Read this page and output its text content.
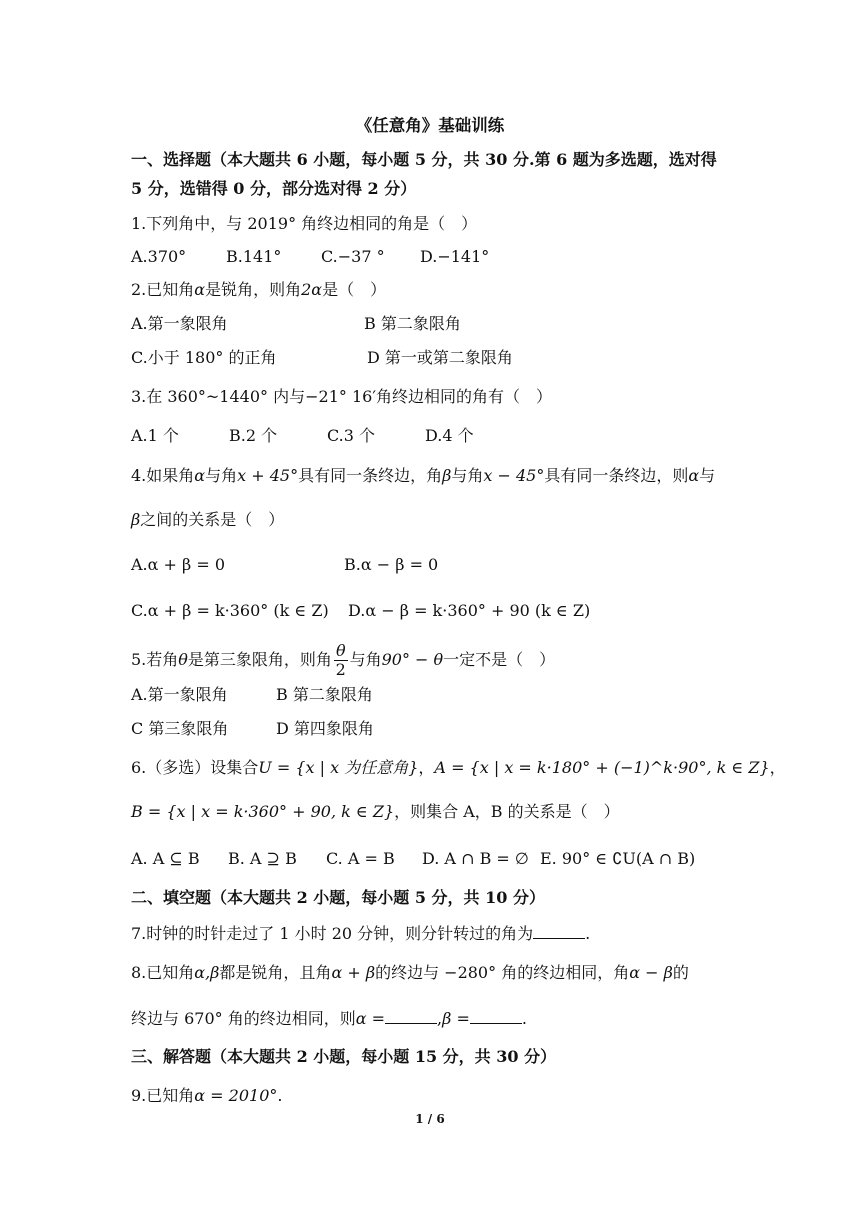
《任意角》基础训练
一、选择题（本大题共 6 小题，每小题 5 分，共 30 分.第 6 题为多选题，选对得
5 分，选错得 0 分，部分选对得 2 分）
1.下列角中，与 2019° 角终边相同的角是（　）
A.370° B.141° C.−37 ° D.−141°
2.已知角α是锐角，则角2α是（　）
A.第一象限角	B 第二象限角
C.小于 180° 的正角	D 第一或第二象限角
3.在 360°~1440° 内与−21° 16′角终边相同的角有（　）
A.1 个	B.2 个	C.3 个	D.4 个
4.如果角α与角x + 45°具有同一条终边，角β与角x − 45°具有同一条终边，则α与
β之间的关系是（　）
A.α + β = 0	B.α − β = 0
C.α + β = k·360° (k ∈ Z) D.α − β = k·360° + 90 (k ∈ Z)
5.若角θ是第三象限角，则角 $\frac{\theta}{2}$ 与角90° − θ一定不是（　）
A.第一象限角	B 第二象限角
C 第三象限角	D 第四象限角
6.（多选）设集合U = {x | x 为任意角}，A = {x | x = k·180° + (−1)^k·90°, k ∈ Z}，
B = {x | x = k·360° + 90, k ∈ Z}，则集合 A，B 的关系是（　）
A. A ⊆ B B. A ⊇ B C. A = B D. A ∩ B = ∅ E. 90° ∈ ∁U(A ∩ B)
二、填空题（本大题共 2 小题，每小题 5 分，共 10 分）
7.时钟的时针走过了 1 小时 20 分钟，则分针转过的角为	.
8.已知角α,β都是锐角，且角α + β的终边与 −280° 角的终边相同，角α − β的
终边与 670° 角的终边相同，则α =	,β =	.
三、解答题（本大题共 2 小题，每小题 15 分，共 30 分）
9.已知角α = 2010°.
1 / 6
